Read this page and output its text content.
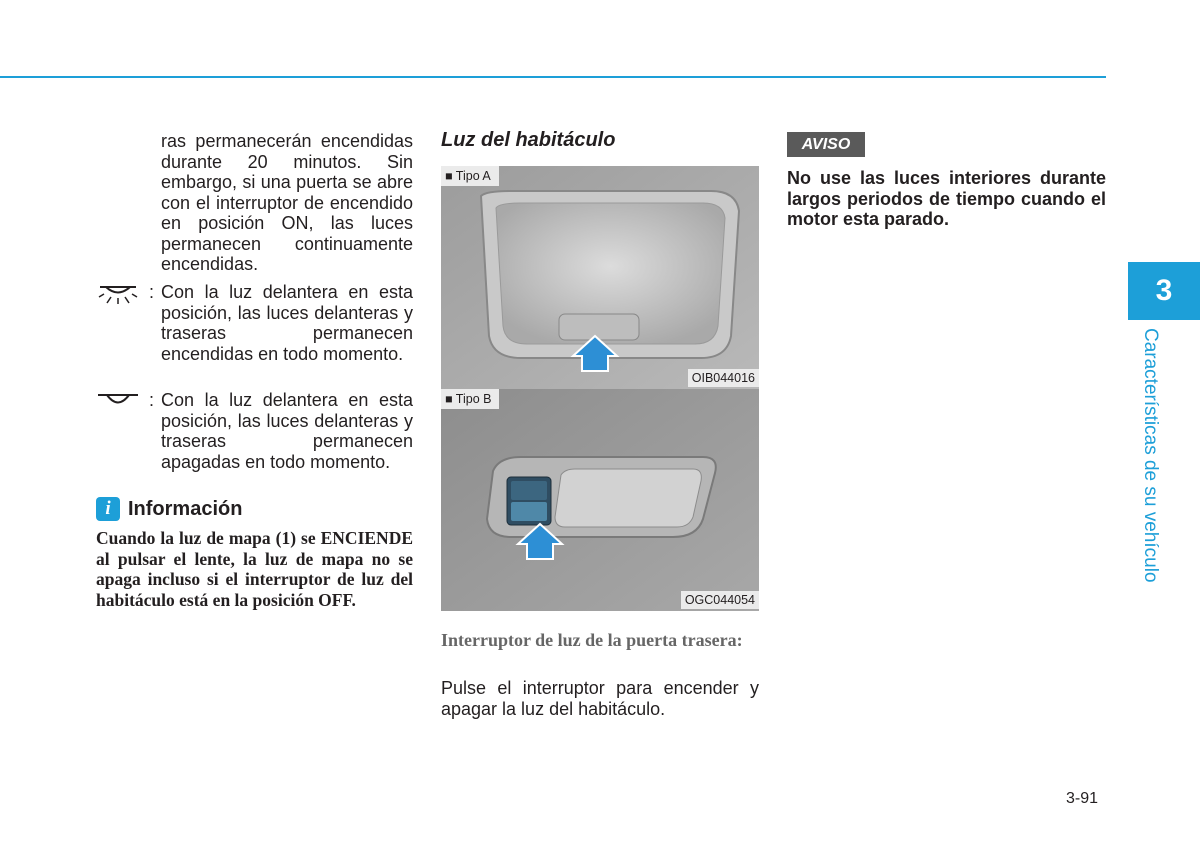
ras permanecerán encendidas durante 20 minutos. Sin embargo, si una puerta se abre con el interruptor de encendido en posición ON, las luces permanecen continuamente encendidas.
: Con la luz delantera en esta posición, las luces delanteras y traseras permanecen encendidas en todo momento.
: Con la luz delantera en esta posición, las luces delanteras y traseras permanecen apagadas en todo momento.
i Información
Cuando la luz de mapa (1) se ENCIENDE al pulsar el lente, la luz de mapa no se apaga incluso si el interruptor de luz del habitáculo está en la posición OFF.
Luz del habitáculo
■ Tipo A
OIB044016
■ Tipo B
OGC044054
Interruptor de luz de la puerta trasera:
Pulse el interruptor para encender y apagar la luz del habitáculo.
AVISO
No use las luces interiores durante largos periodos de tiempo cuando el motor esta parado.
3
Características de su vehículo
3-91
